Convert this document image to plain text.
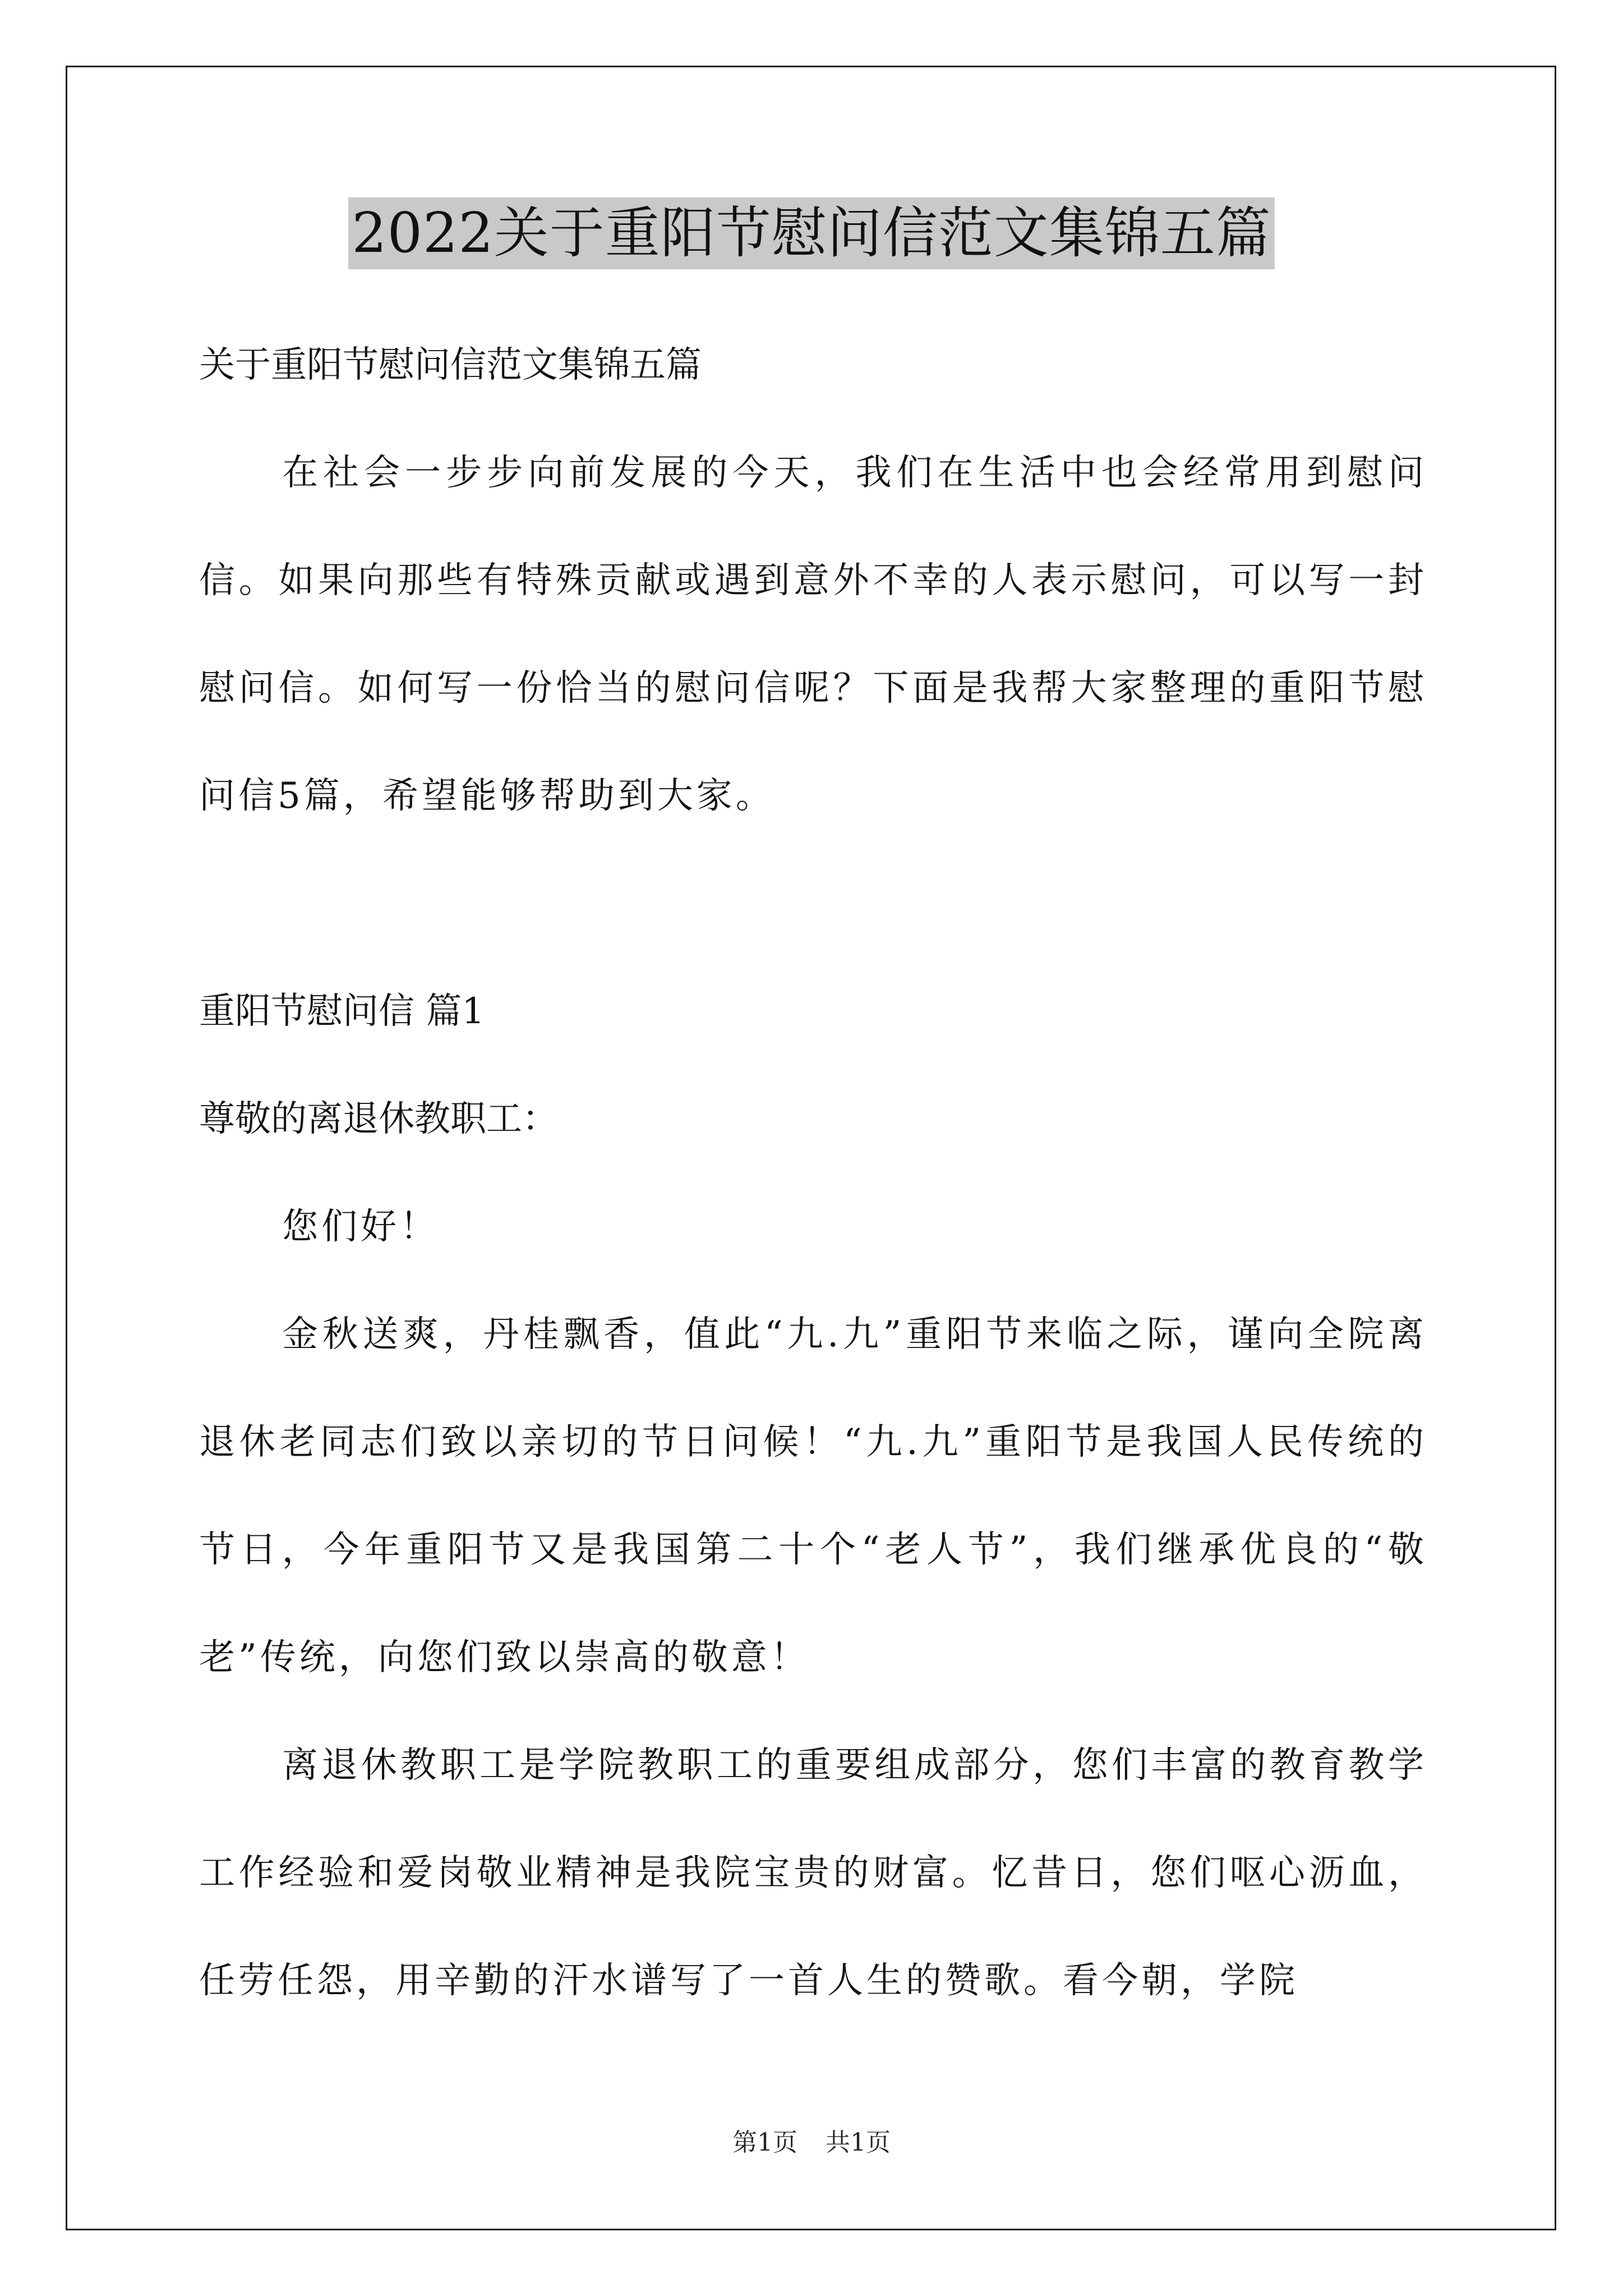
2022关于重阳节慰问信范文集锦五篇

关于重阳节慰问信范文集锦五篇

在社会一步步向前发展的今天，我们在生活中也会经常用到慰问信。如果向那些有特殊贡献或遇到意外不幸的人表示慰问，可以写一封慰问信。如何写一份恰当的慰问信呢？下面是我帮大家整理的重阳节慰问信5篇，希望能够帮助到大家。

重阳节慰问信 篇1

尊敬的离退休教职工：

您们好！

金秋送爽，丹桂飘香，值此“九.九”重阳节来临之际，谨向全院离退休老同志们致以亲切的节日问候！“九.九”重阳节是我国人民传统的节日，今年重阳节又是我国第二十个“老人节”，我们继承优良的“敬老”传统，向您们致以崇高的敬意！

离退休教职工是学院教职工的重要组成部分，您们丰富的教育教学工作经验和爱岗敬业精神是我院宝贵的财富。忆昔日，您们呕心沥血，任劳任怨，用辛勤的汗水谱写了一首人生的赞歌。看今朝，学院

第1页 共1页
